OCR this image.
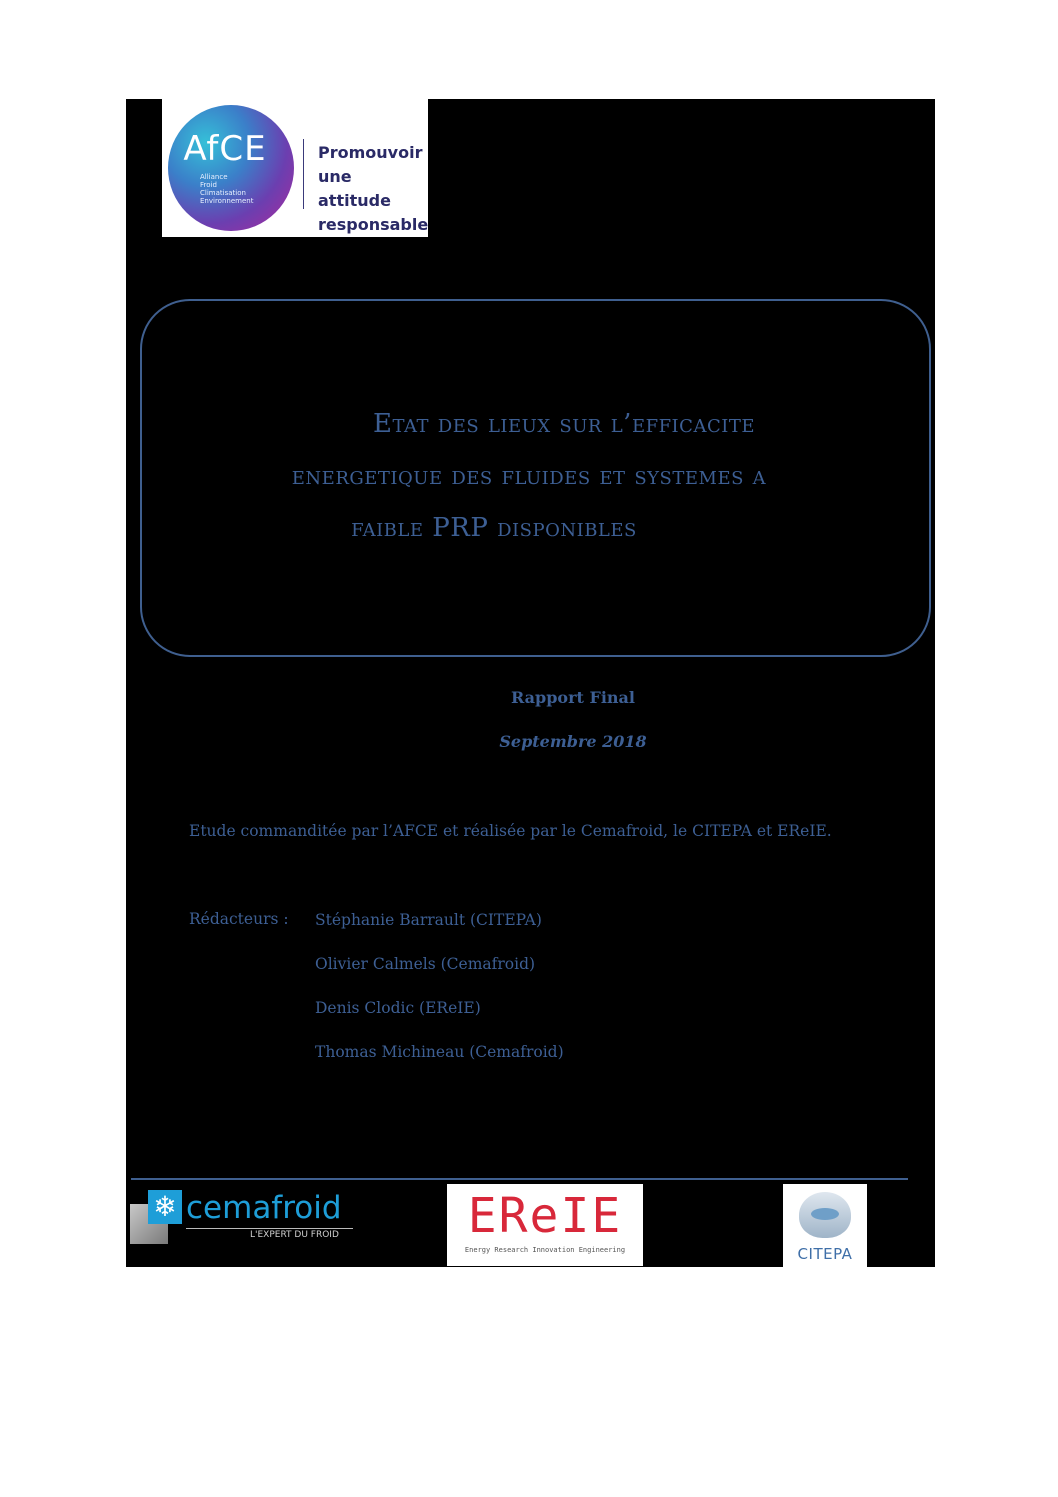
AfCE
Alliance
Froid
Climatisation
Environnement
Promouvoir
une attitude
responsable
Etat des lieux sur l’efficacite
energetique des fluides et systemes a
faible PRP disponibles
Rapport Final
Septembre 2018
Etude commanditée par l’AFCE et réalisée par le Cemafroid, le CITEPA et EReIE.
Rédacteurs : Stéphanie Barrault (CITEPA)
Olivier Calmels (Cemafroid)
Denis Clodic (EReIE)
Thomas Michineau (Cemafroid)
❄ cemafroid
L'EXPERT DU FROID	EReIE
Energy Research Innovation Engineering	CITEPA
